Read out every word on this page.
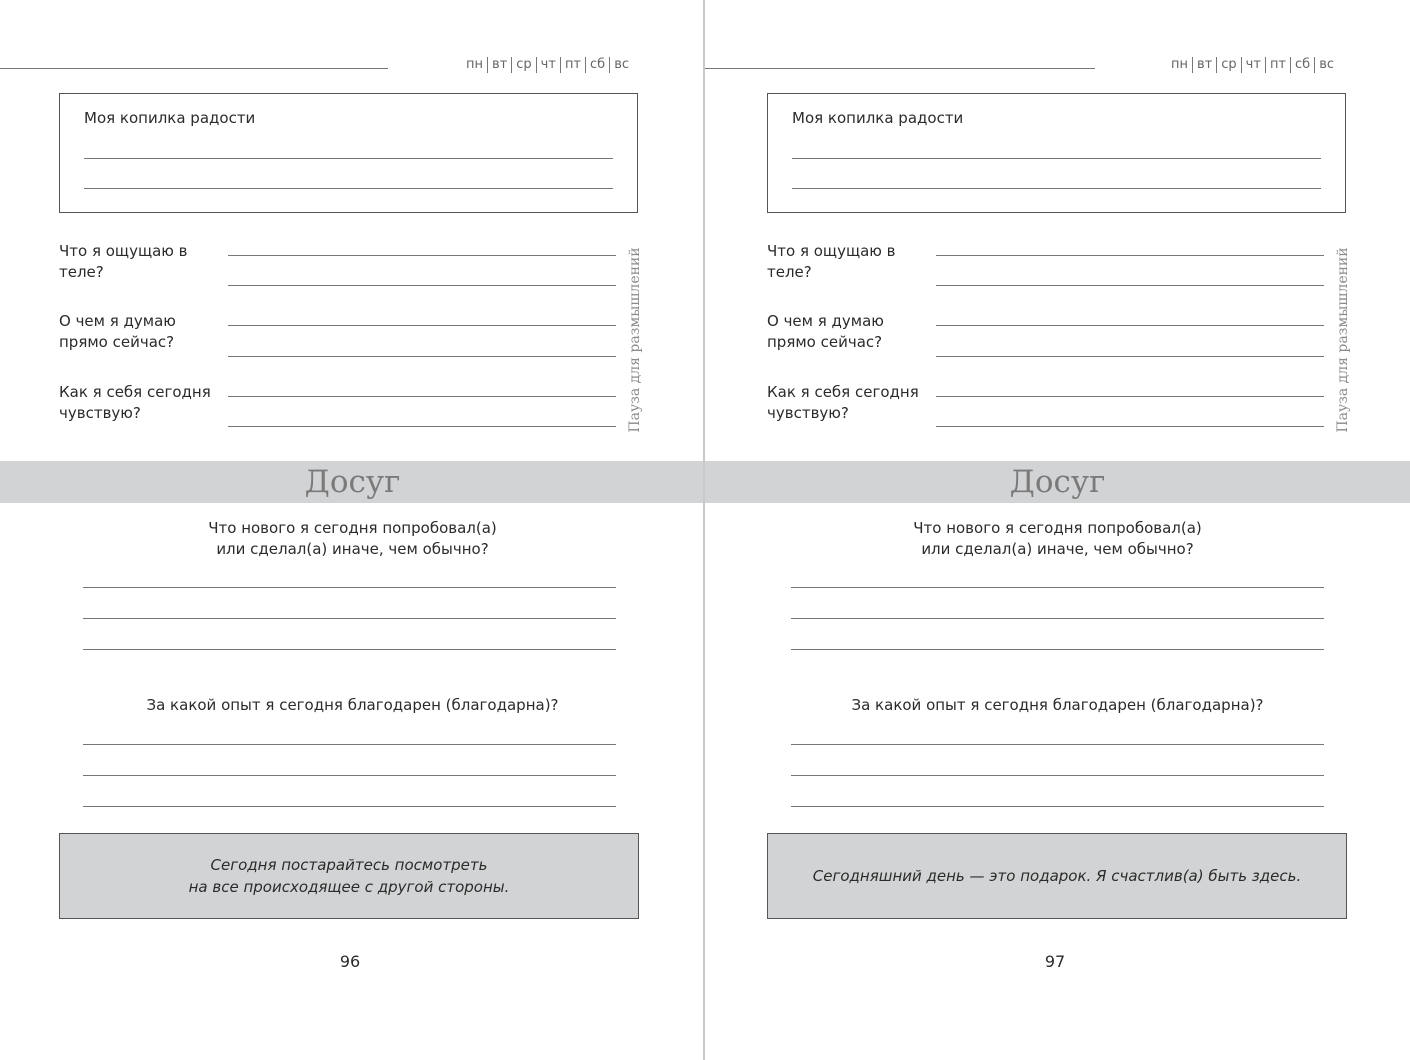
пн вт ср чт пт сб вс
Моя копилка радости
Что я ощущаю в теле?
О чем я думаю прямо сейчас?
Как я себя сегодня чувствую?	Пауза для размышлений
Досуг
Что нового я сегодня попробовал(а)
или сделал(а) иначе, чем обычно?
За какой опыт я сегодня благодарен (благодарна)?
Сегодня постарайтесь посмотреть
на все происходящее с другой стороны.
96
пн вт ср чт пт сб вс
Моя копилка радости
Что я ощущаю в теле?
О чем я думаю прямо сейчас?
Как я себя сегодня чувствую?	Пауза для размышлений
Досуг
Что нового я сегодня попробовал(а)
или сделал(а) иначе, чем обычно?
За какой опыт я сегодня благодарен (благодарна)?
Сегодняшний день — это подарок. Я счастлив(а) быть здесь.
97
